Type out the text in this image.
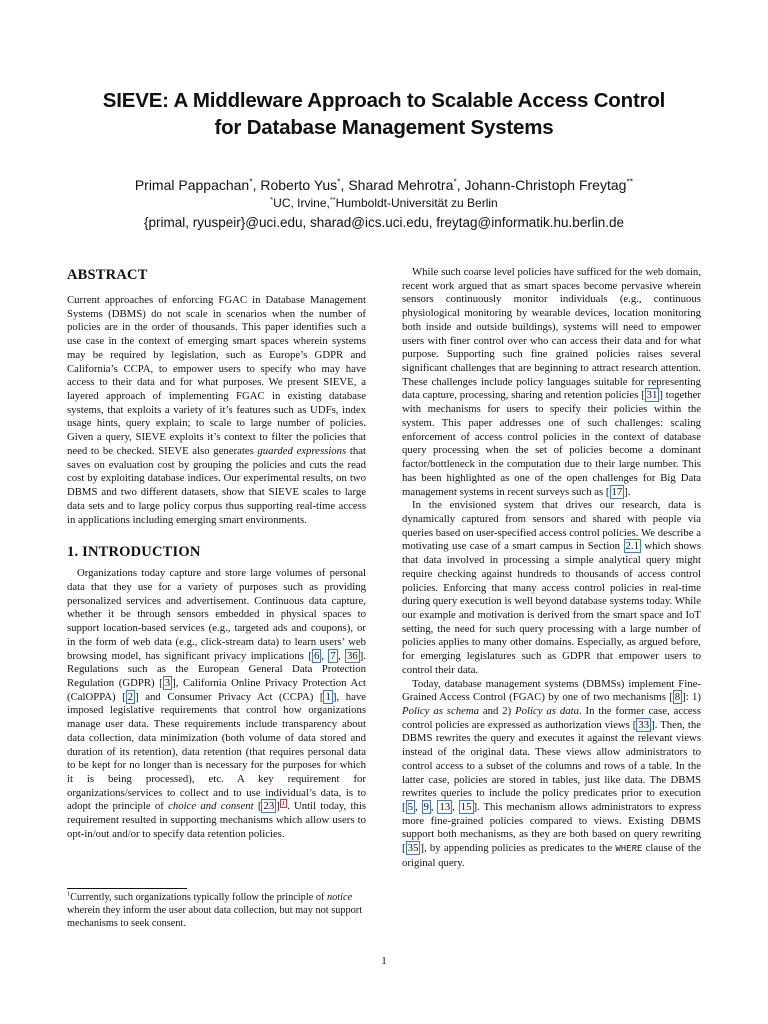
SIEVE: A Middleware Approach to Scalable Access Control
for Database Management Systems
Primal Pappachan*, Roberto Yus*, Sharad Mehrotra*, Johann-Christoph Freytag**
*UC, Irvine,**Humboldt-Universität zu Berlin
{primal, ryuspeir}@uci.edu, sharad@ics.uci.edu, freytag@informatik.hu.berlin.de
ABSTRACT

Current approaches of enforcing FGAC in Database Management Systems (DBMS) do not scale in scenarios when the number of policies are in the order of thousands. This paper identifies such a use case in the context of emerging smart spaces wherein systems may be required by legislation, such as Europe’s GDPR and California’s CCPA, to empower users to specify who may have access to their data and for what purposes. We present SIEVE, a layered approach of implementing FGAC in existing database systems, that exploits a variety of it’s features such as UDFs, index usage hints, query explain; to scale to large number of policies. Given a query, SIEVE exploits it’s context to filter the policies that need to be checked. SIEVE also generates guarded expressions that saves on evaluation cost by grouping the policies and cuts the read cost by exploiting database indices. Our experimental results, on two DBMS and two different datasets, show that SIEVE scales to large data sets and to large policy corpus thus supporting real-time access in applications including emerging smart environments.

1. INTRODUCTION

Organizations today capture and store large volumes of personal data that they use for a variety of purposes such as providing personalized services and advertisement. Continuous data capture, whether it be through sensors embedded in physical spaces to support location-based services (e.g., targeted ads and coupons), or in the form of web data (e.g., click-stream data) to learn users’ web browsing model, has significant privacy implications [ 6 , 7 , 36 ]. Regulations such as the European General Data Protection Regulation (GDPR) [ 3 ], California Online Privacy Protection Act (CalOPPA) [ 2 ] and Consumer Privacy Act (CCPA) [ 1 ], have imposed legislative requirements that control how organizations manage user data. These requirements include transparency about data collection, data minimization (both volume of data stored and duration of its retention), data retention (that requires personal data to be kept for no longer than is necessary for the purposes for which it is being processed), etc. A key requirement for organizations/services to collect and to use individual’s data, is to adopt the principle of choice and consent [ 23 ] $^1$ . Until today, this requirement resulted in supporting mechanisms which allow users to opt-in/out and/or to specify data retention policies.

While such coarse level policies have sufficed for the web domain, recent work argued that as smart spaces become pervasive wherein sensors continuously monitor individuals (e.g., continuous physiological monitoring by wearable devices, location monitoring both inside and outside buildings), systems will need to empower users with finer control over who can access their data and for what purpose. Supporting such fine grained policies raises several significant challenges that are beginning to attract research attention. These challenges include policy languages suitable for representing data capture, processing, sharing and retention policies [ 31 ] together with mechanisms for users to specify their policies within the system. This paper addresses one of such challenges: scaling enforcement of access control policies in the context of database query processing when the set of policies become a dominant factor/bottleneck in the computation due to their large number. This has been highlighted as one of the open challenges for Big Data management systems in recent surveys such as [ 17 ].

In the envisioned system that drives our research, data is dynamically captured from sensors and shared with people via queries based on user-specified access control policies. We describe a motivating use case of a smart campus in Section 2.1 which shows that data involved in processing a simple analytical query might require checking against hundreds to thousands of access control policies. Enforcing that many access control policies in real-time during query execution is well beyond database systems today. While our example and motivation is derived from the smart space and IoT setting, the need for such query processing with a large number of policies applies to many other domains. Especially, as argued before, for emerging legislatures such as GDPR that empower users to control their data.

Today, database management systems (DBMSs) implement Fine-Grained Access Control (FGAC) by one of two mechanisms [ 8 ]: 1) Policy as schema and 2) Policy as data. In the former case, access control policies are expressed as authorization views [ 33 ]. Then, the DBMS rewrites the query and executes it against the relevant views instead of the original data. These views allow administrators to control access to a subset of the columns and rows of a table. In the latter case, policies are stored in tables, just like data. The DBMS rewrites queries to include the policy predicates prior to execution [ 5 , 9 , 13 , 15 ]. This mechanism allows administrators to express more fine-grained policies compared to views. Existing DBMS support both mechanisms, as they are both based on query rewriting [ 35 ], by appending policies as predicates to the WHERE clause of the original query.

$^1$Currently, such organizations typically follow the principle of notice wherein they inform the user about data collection, but may not support mechanisms to seek consent.
1
